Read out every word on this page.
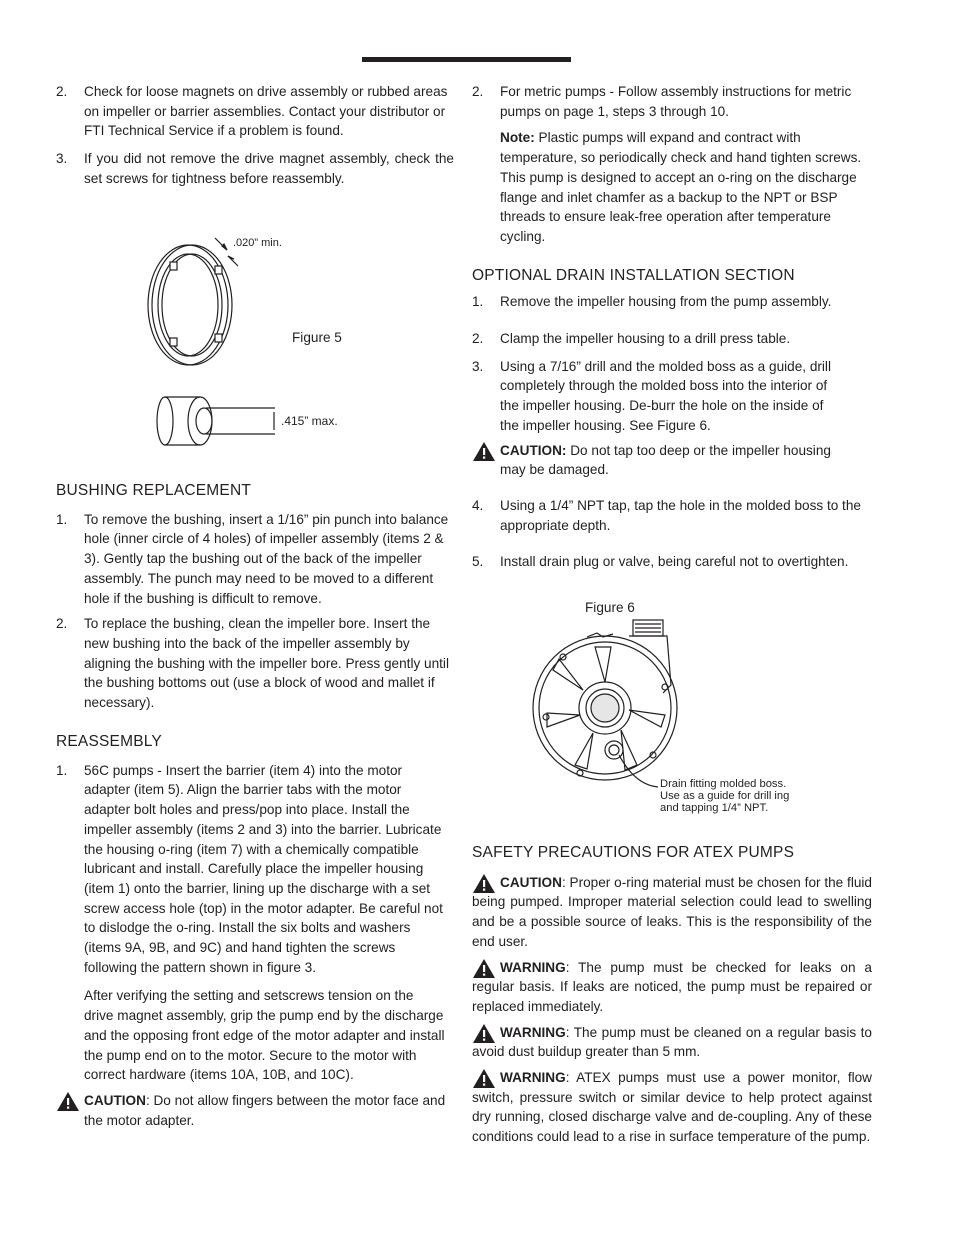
2. Check for loose magnets on drive assembly or rubbed areas on impeller or barrier assemblies. Contact your distributor or FTI Technical Service if a problem is found.
3. If you did not remove the drive magnet assembly, check the set screws for tightness before reassembly.
.020” min.
.415” max.
Figure 5
BUSHING REPLACEMENT
1. To remove the bushing, insert a 1/16” pin punch into balance hole (inner circle of 4 holes) of impeller assembly (items 2 & 3). Gently tap the bushing out of the back of the impeller assembly. The punch may need to be moved to a different hole if the bushing is difficult to remove.
2. To replace the bushing, clean the impeller bore. Insert the new bushing into the back of the impeller assembly by aligning the bushing with the impeller bore. Press gently until the bushing bottoms out (use a block of wood and mallet if necessary).
REASSEMBLY
1. 56C pumps - Insert the barrier (item 4) into the motor adapter (item 5). Align the barrier tabs with the motor adapter bolt holes and press/pop into place. Install the impeller assembly (items 2 and 3) into the barrier. Lubricate the housing o-ring (item 7) with a chemically compatible lubricant and install. Carefully place the impeller housing (item 1) onto the barrier, lining up the discharge with a set screw access hole (top) in the motor adapter. Be careful not to dislodge the o-ring. Install the six bolts and washers (items 9A, 9B, and 9C) and hand tighten the screws following the pattern shown in figure 3.
After verifying the setting and setscrews tension on the drive magnet assembly, grip the pump end by the discharge and the opposing front edge of the motor adapter and install the pump end on to the motor. Secure to the motor with correct hardware (items 10A, 10B, and 10C).
CAUTION: Do not allow fingers between the motor face and the motor adapter.
2. For metric pumps - Follow assembly instructions for metric pumps on page 1, steps 3 through 10.
Note: Plastic pumps will expand and contract with temperature, so periodically check and hand tighten screws. This pump is designed to accept an o-ring on the discharge flange and inlet chamfer as a backup to the NPT or BSP threads to ensure leak-free operation after temperature cycling.
OPTIONAL DRAIN INSTALLATION SECTION
1. Remove the impeller housing from the pump assembly.
2. Clamp the impeller housing to a drill press table.
3. Using a 7/16” drill and the molded boss as a guide, drill completely through the molded boss into the interior of the impeller housing. De-burr the hole on the inside of the impeller housing. See Figure 6.
CAUTION: Do not tap too deep or the impeller housing may be damaged.
4. Using a 1/4” NPT tap, tap the hole in the molded boss to the appropriate depth.
5. Install drain plug or valve, being careful not to overtighten.
Figure 6
Drain fitting molded boss.
Use as a guide for drill ing
and tapping 1/4” NPT.
SAFETY PRECAUTIONS FOR ATEX PUMPS
CAUTION: Proper o-ring material must be chosen for the fluid being pumped. Improper material selection could lead to swelling and be a possible source of leaks. This is the responsibility of the end user.
WARNING: The pump must be checked for leaks on a regular basis. If leaks are noticed, the pump must be repaired or replaced immediately.
WARNING: The pump must be cleaned on a regular basis to avoid dust buildup greater than 5 mm.
WARNING: ATEX pumps must use a power monitor, flow switch, pressure switch or similar device to help protect against dry running, closed discharge valve and de-coupling. Any of these conditions could lead to a rise in surface temperature of the pump.
